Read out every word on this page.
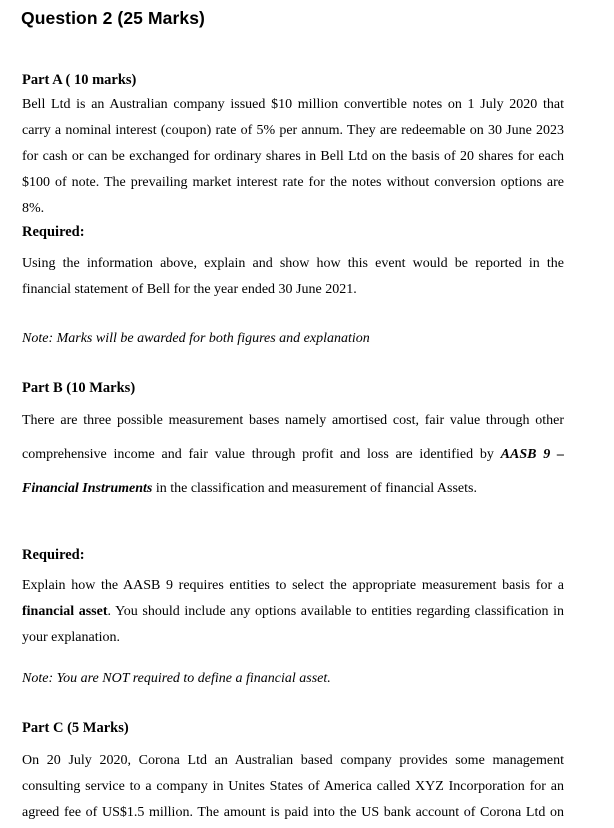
Question 2 (25 Marks)
Part A ( 10 marks)
Bell Ltd is an Australian company issued $10 million convertible notes on 1 July 2020 that
carry a nominal interest (coupon) rate of 5% per annum. They are redeemable on 30 June 2023
for cash or can be exchanged for ordinary shares in Bell Ltd on the basis of 20 shares for each
$100 of note. The prevailing market interest rate for the notes without conversion options are
8%.
Required:
Using the information above, explain and show how this event would be reported in the
financial statement of Bell for the year ended 30 June 2021.
Note: Marks will be awarded for both figures and explanation
Part B (10 Marks)
There are three possible measurement bases namely amortised cost, fair value through other
comprehensive income and fair value through profit and loss are identified by AASB 9 –
Financial Instruments in the classification and measurement of financial Assets.
Required:
Explain how the AASB 9 requires entities to select the appropriate measurement basis for a
financial asset. You should include any options available to entities regarding classification in
your explanation.
Note: You are NOT required to define a financial asset.
Part C (5 Marks)
On 20 July 2020, Corona Ltd an Australian based company provides some management
consulting service to a company in Unites States of America called XYZ Incorporation for an
agreed fee of US$1.5 million. The amount is paid into the US bank account of Corona Ltd on
